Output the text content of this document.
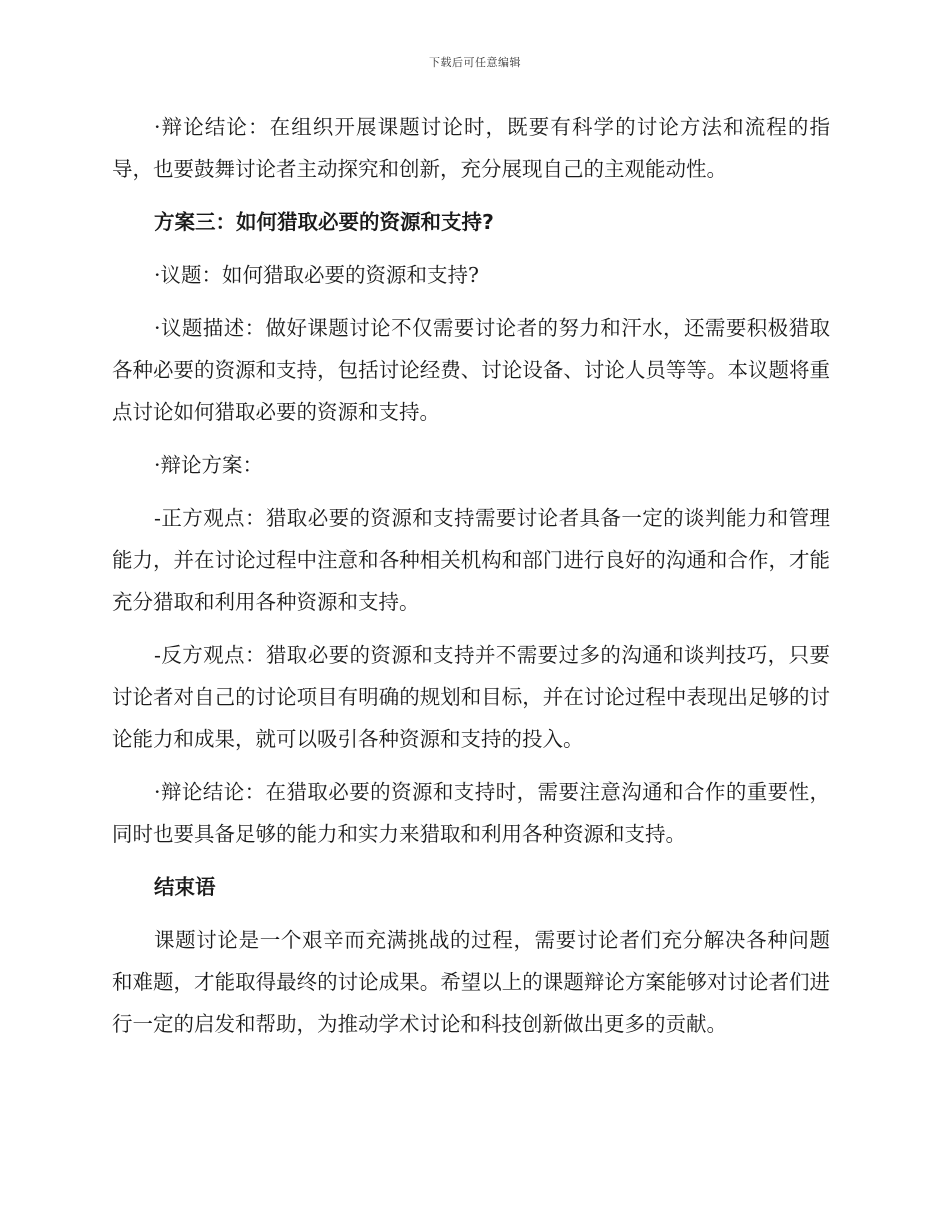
下载后可任意编辑

·辩论结论：在组织开展课题讨论时，既要有科学的讨论方法和流程的指导，也要鼓舞讨论者主动探究和创新，充分展现自己的主观能动性。

方案三：如何猎取必要的资源和支持?

·议题：如何猎取必要的资源和支持?

·议题描述：做好课题讨论不仅需要讨论者的努力和汗水，还需要积极猎取各种必要的资源和支持，包括讨论经费、讨论设备、讨论人员等等。本议题将重点讨论如何猎取必要的资源和支持。

·辩论方案：

-正方观点：猎取必要的资源和支持需要讨论者具备一定的谈判能力和管理能力，并在讨论过程中注意和各种相关机构和部门进行良好的沟通和合作，才能充分猎取和利用各种资源和支持。

-反方观点：猎取必要的资源和支持并不需要过多的沟通和谈判技巧，只要讨论者对自己的讨论项目有明确的规划和目标，并在讨论过程中表现出足够的讨论能力和成果，就可以吸引各种资源和支持的投入。

·辩论结论：在猎取必要的资源和支持时，需要注意沟通和合作的重要性，同时也要具备足够的能力和实力来猎取和利用各种资源和支持。

结束语

课题讨论是一个艰辛而充满挑战的过程，需要讨论者们充分解决各种问题和难题，才能取得最终的讨论成果。希望以上的课题辩论方案能够对讨论者们进行一定的启发和帮助，为推动学术讨论和科技创新做出更多的贡献。
